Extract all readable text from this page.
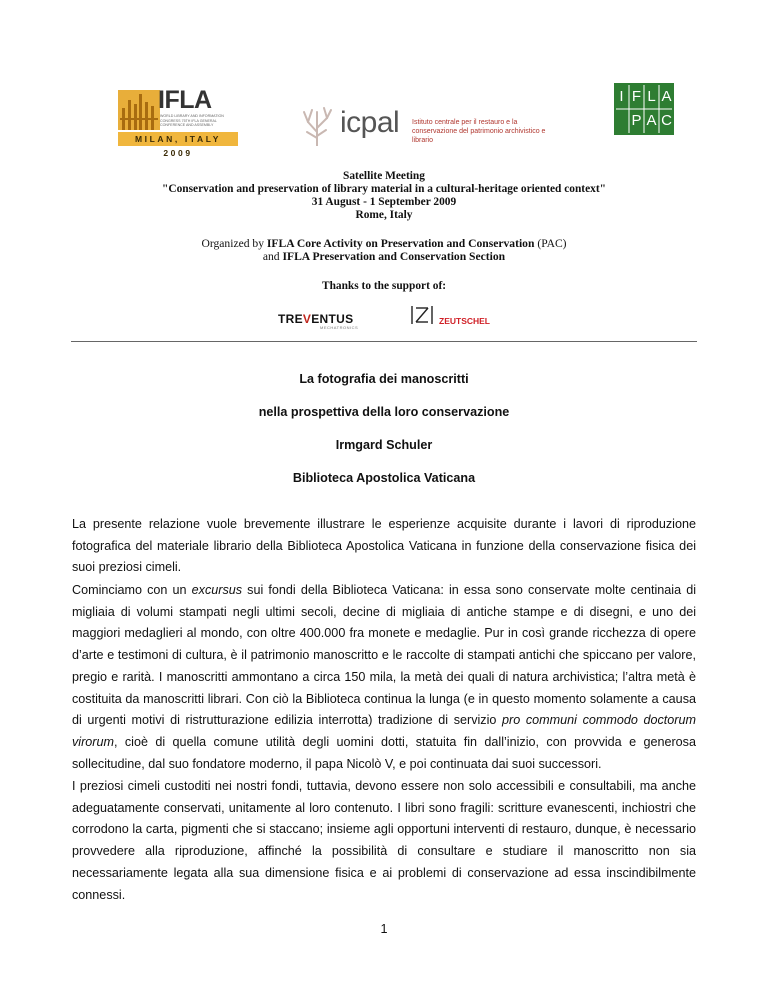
IFLA
WORLD LIBRARY AND INFORMATION CONGRESS 75TH IFLA GENERAL CONFERENCE AND ASSEMBLY
MILAN, ITALY 2009
icpal Istituto centrale per il restauro e la conservazione del patrimonio archivistico e librario
I F L A
P A C
Satellite Meeting
"Conservation and preservation of library material in a cultural-heritage oriented context"
31 August - 1 September 2009
Rome, Italy
Organized by IFLA Core Activity on Preservation and Conservation (PAC)
and IFLA Preservation and Conservation Section
Thanks to the support of:
TREVENTUS
MECHATRONICS
ZEUTSCHEL
La fotografia dei manoscritti
nella prospettiva della loro conservazione
Irmgard Schuler
Biblioteca Apostolica Vaticana

La presente relazione vuole brevemente illustrare le esperienze acquisite durante i lavori di riproduzione fotografica del materiale librario della Biblioteca Apostolica Vaticana in funzione della conservazione fisica dei suoi preziosi cimeli.

Cominciamo con un excursus sui fondi della Biblioteca Vaticana: in essa sono conservate molte centinaia di migliaia di volumi stampati negli ultimi secoli, decine di migliaia di antiche stampe e di disegni, e uno dei maggiori medaglieri al mondo, con oltre 400.000 fra monete e medaglie. Pur in così grande ricchezza di opere d’arte e testimoni di cultura, è il patrimonio manoscritto e le raccolte di stampati antichi che spiccano per valore, pregio e rarità. I manoscritti ammontano a circa 150 mila, la metà dei quali di natura archivistica; l’altra metà è costituita da manoscritti librari. Con ciò la Biblioteca continua la lunga (e in questo momento solamente a causa di urgenti motivi di ristrutturazione edilizia interrotta) tradizione di servizio pro communi commodo doctorum virorum, cioè di quella comune utilità degli uomini dotti, statuita fin dall’inizio, con provvida e generosa sollecitudine, dal suo fondatore moderno, il papa Nicolò V, e poi continuata dai suoi successori.

I preziosi cimeli custoditi nei nostri fondi, tuttavia, devono essere non solo accessibili e consultabili, ma anche adeguatamente conservati, unitamente al loro contenuto. I libri sono fragili: scritture evanescenti, inchiostri che corrodono la carta, pigmenti che si staccano; insieme agli opportuni interventi di restauro, dunque, è necessario provvedere alla riproduzione, affinché la possibilità di consultare e studiare il manoscritto non sia necessariamente legata alla sua dimensione fisica e ai problemi di conservazione ad essa inscindibilmente connessi.

1
